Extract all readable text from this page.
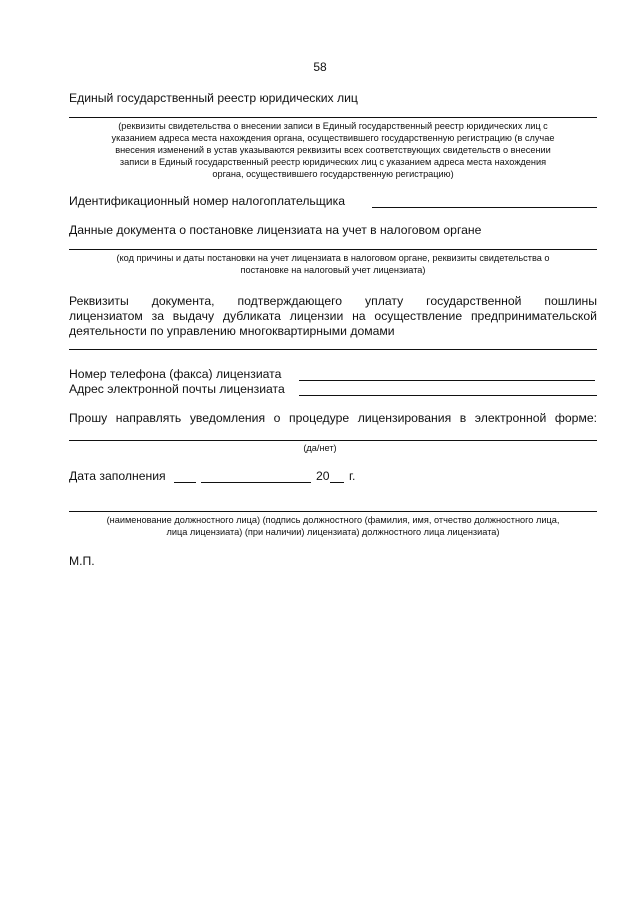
58
Единый государственный реестр юридических лиц
(реквизиты свидетельства о внесении записи в Единый государственный реестр юридических лиц с
указанием адреса места нахождения органа, осуществившего государственную регистрацию (в случае
внесения изменений в устав указываются реквизиты всех соответствующих свидетельств о внесении
записи в Единый государственный реестр юридических лиц с указанием адреса места нахождения
органа, осуществившего государственную регистрацию)
Идентификационный номер налогоплательщика
Данные документа о постановке лицензиата на учет в налоговом органе
(код причины и даты постановки на учет лицензиата в налоговом органе, реквизиты свидетельства о
постановке на налоговый учет лицензиата)
Реквизиты документа, подтверждающего уплату государственной пошлины
лицензиатом за выдачу дубликата лицензии на осуществление предпринимательской
деятельности по управлению многоквартирными домами
Номер телефона (факса) лицензиата
Адрес электронной почты лицензиата
Прошу направлять уведомления о процедуре лицензирования в электронной форме:
(да/нет)
Дата заполнения	20 г.
(наименование должностного лица) (подпись должностного (фамилия, имя, отчество должностного лица,
лица лицензиата) (при наличии) лицензиата) должностного лица лицензиата)
М.П.
